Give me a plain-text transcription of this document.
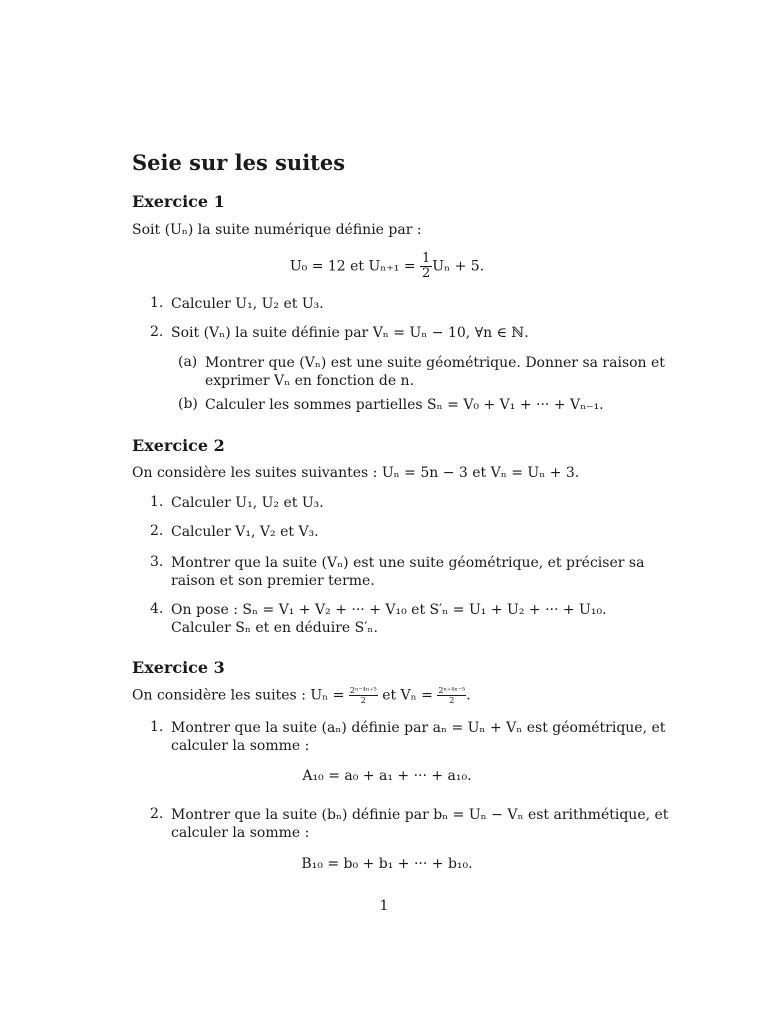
Seie sur les suites
Exercice 1
Soit (Uₙ) la suite numérique définie par :
U₀ = 12 et $U_{n+1} = \frac{1}{2}$ Uₙ + 5.
1. Calculer U₁, U₂ et U₃.
2. Soit (Vₙ) la suite définie par Vₙ = Uₙ − 10, ∀n ∈ ℕ.
(a) Montrer que (Vₙ) est une suite géométrique. Donner sa raison et
exprimer Vₙ en fonction de n.
(b) Calculer les sommes partielles Sₙ = V₀ + V₁ + ··· + Vₙ₋₁.
Exercice 2
On considère les suites suivantes : Uₙ = 5n − 3 et Vₙ = Uₙ + 3.
1. Calculer U₁, U₂ et U₃.
2. Calculer V₁, V₂ et V₃.
3. Montrer que la suite (Vₙ) est une suite géométrique, et préciser sa
raison et son premier terme.
4. On pose : Sₙ = V₁ + V₂ + ··· + V₁₀ et S′ₙ = U₁ + U₂ + ··· + U₁₀.
Calculer Sₙ et en déduire S′ₙ.
Exercice 3
On considère les suites : $U_n = \frac{\text{2ⁿ⁻⁴ⁿ⁺⁵}}{2}$ et $V_n = \frac{\text{2ⁿ⁺⁴ⁿ⁻⁵}}{2}$ .
1. Montrer que la suite (aₙ) définie par aₙ = Uₙ + Vₙ est géométrique, et
calculer la somme :
A₁₀ = a₀ + a₁ + ··· + a₁₀.
2. Montrer que la suite (bₙ) définie par bₙ = Uₙ − Vₙ est arithmétique, et
calculer la somme :
B₁₀ = b₀ + b₁ + ··· + b₁₀.
1
